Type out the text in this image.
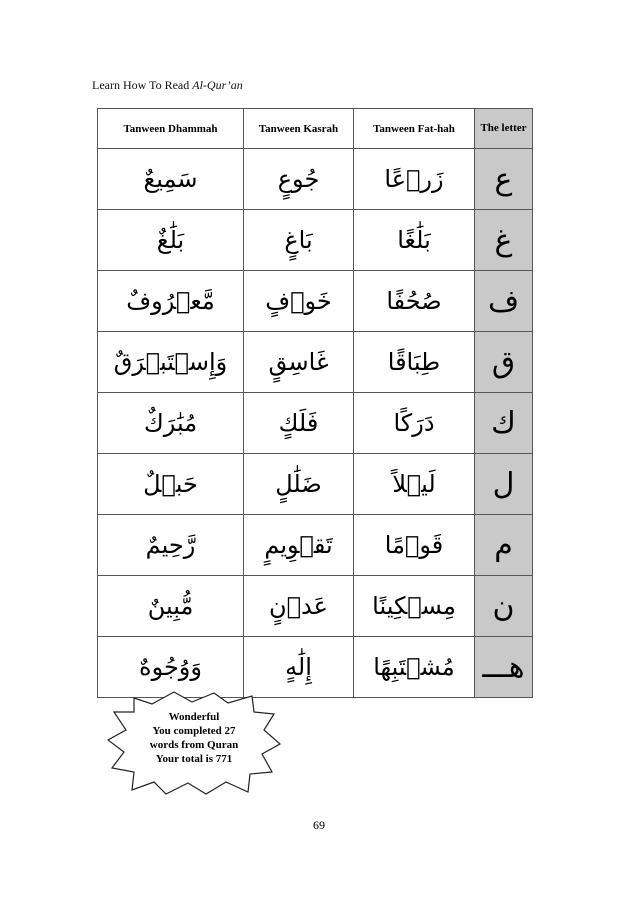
Learn How To Read Al-Qur’an
Tanween Dhammah	Tanween Kasrah	Tanween Fat-hah	The letter
سَمِيعٌ	جُوعٍ	زَرۡعًا	ع
بَلَٰغٌ	بَاغٍ	بَلَٰغًا	غ
مَّعۡرُوفٌ	خَوۡفٍ	صُحُفًا	ف
وَإِسۡتَبۡرَقٌ	غَاسِقٍ	طِبَاقًا	ق
مُبَٰرَكٌ	فَلَكٍ	دَرَكًا	ك
حَبۡلٌ	ضَلَٰلٍ	لَيۡلاً	ل
رَّحِيمٌ	تَقۡوِيمٍ	قَوۡمًا	م
مُّبِينٌ	عَدۡنٍ	مِسۡكِينًا	ن
وَوُجُوهٌ	إِلَٰهٍ	مُشۡتَبِهًا	هـــ
Wonderful
You completed 27
words from Quran
Your total is 771
69
